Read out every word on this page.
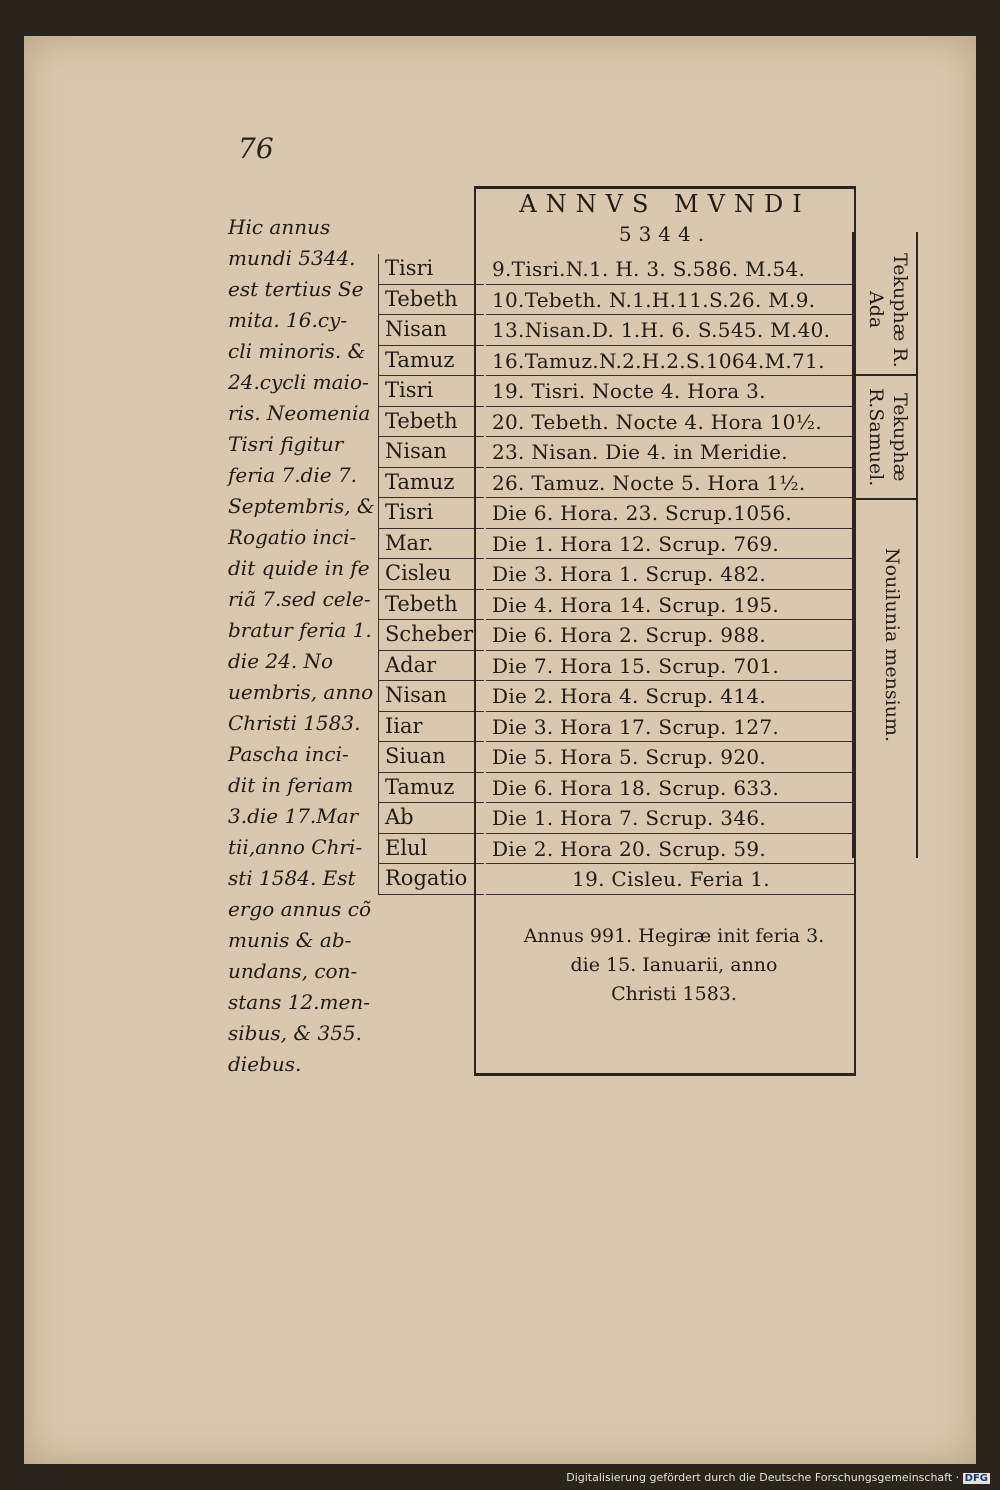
76
Hic annus
mundi 5344.
est tertius Se
mita. 16.cy-
cli minoris. &
24.cycli maio-
ris. Neomenia
Tisri figitur
feria 7.die 7.
Septembris, &
Rogatio inci-
dit quide in fe
riã 7.sed cele-
bratur feria 1.
die 24. No
uembris, anno
Christi 1583.
Pascha inci-
dit in feriam
3.die 17.Mar
tii,anno Chri-
sti 1584. Est
ergo annus cõ
munis & ab-
undans, con-
stans 12.men-
sibus, & 355.
diebus.
Tisri
Tebeth
Nisan
Tamuz
Tisri
Tebeth
Nisan
Tamuz
Tisri
Mar.
Cisleu
Tebeth
Scheber
Adar
Nisan
Iiar
Siuan
Tamuz
Ab
Elul
Rogatio
ANNVS MVNDI
5344.
9.Tisri.N.1. H. 3. S.586. M.54.
10.Tebeth. N.1.H.11.S.26. M.9.
13.Nisan.D. 1.H. 6. S.545. M.40.
16.Tamuz.N.2.H.2.S.1064.M.71.
19. Tisri. Nocte 4. Hora 3.
20. Tebeth. Nocte 4. Hora 10½.
23. Nisan. Die 4. in Meridie.
26. Tamuz. Nocte 5. Hora 1½.
Die 6. Hora. 23. Scrup.1056.
Die 1. Hora 12. Scrup. 769.
Die 3. Hora 1. Scrup. 482.
Die 4. Hora 14. Scrup. 195.
Die 6. Hora 2. Scrup. 988.
Die 7. Hora 15. Scrup. 701.
Die 2. Hora 4. Scrup. 414.
Die 3. Hora 17. Scrup. 127.
Die 5. Hora 5. Scrup. 920.
Die 6. Hora 18. Scrup. 633.
Die 1. Hora 7. Scrup. 346.
Die 2. Hora 20. Scrup. 59.
19. Cisleu. Feria 1.
Annus 991. Hegiræ init feria 3.
die 15. Ianuarii, anno
Christi 1583.
Tekuphæ R. Ada
Tekuphæ R.Samuel.
Nouilunia mensium.
Digitalisierung gefördert durch die Deutsche Forschungsgemeinschaft · DFG
